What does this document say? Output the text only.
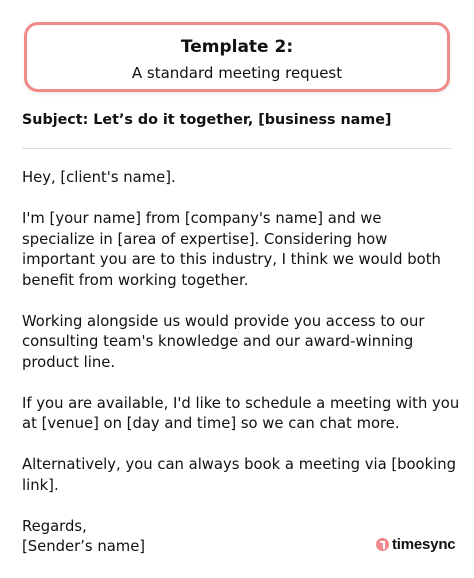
Template 2:
A standard meeting request
Subject: Let’s do it together, [business name]
Hey, [client's name].
I'm [your name] from [company's name] and we
specialize in [area of expertise]. Considering how
important you are to this industry, I think we would both
benefit from working together.
Working alongside us would provide you access to our
consulting team's knowledge and our award-winning
product line.
If you are available, I'd like to schedule a meeting with you
at [venue] on [day and time] so we can chat more.
Alternatively, you can always book a meeting via [booking
link].
Regards,
[Sender’s name]	timesync
